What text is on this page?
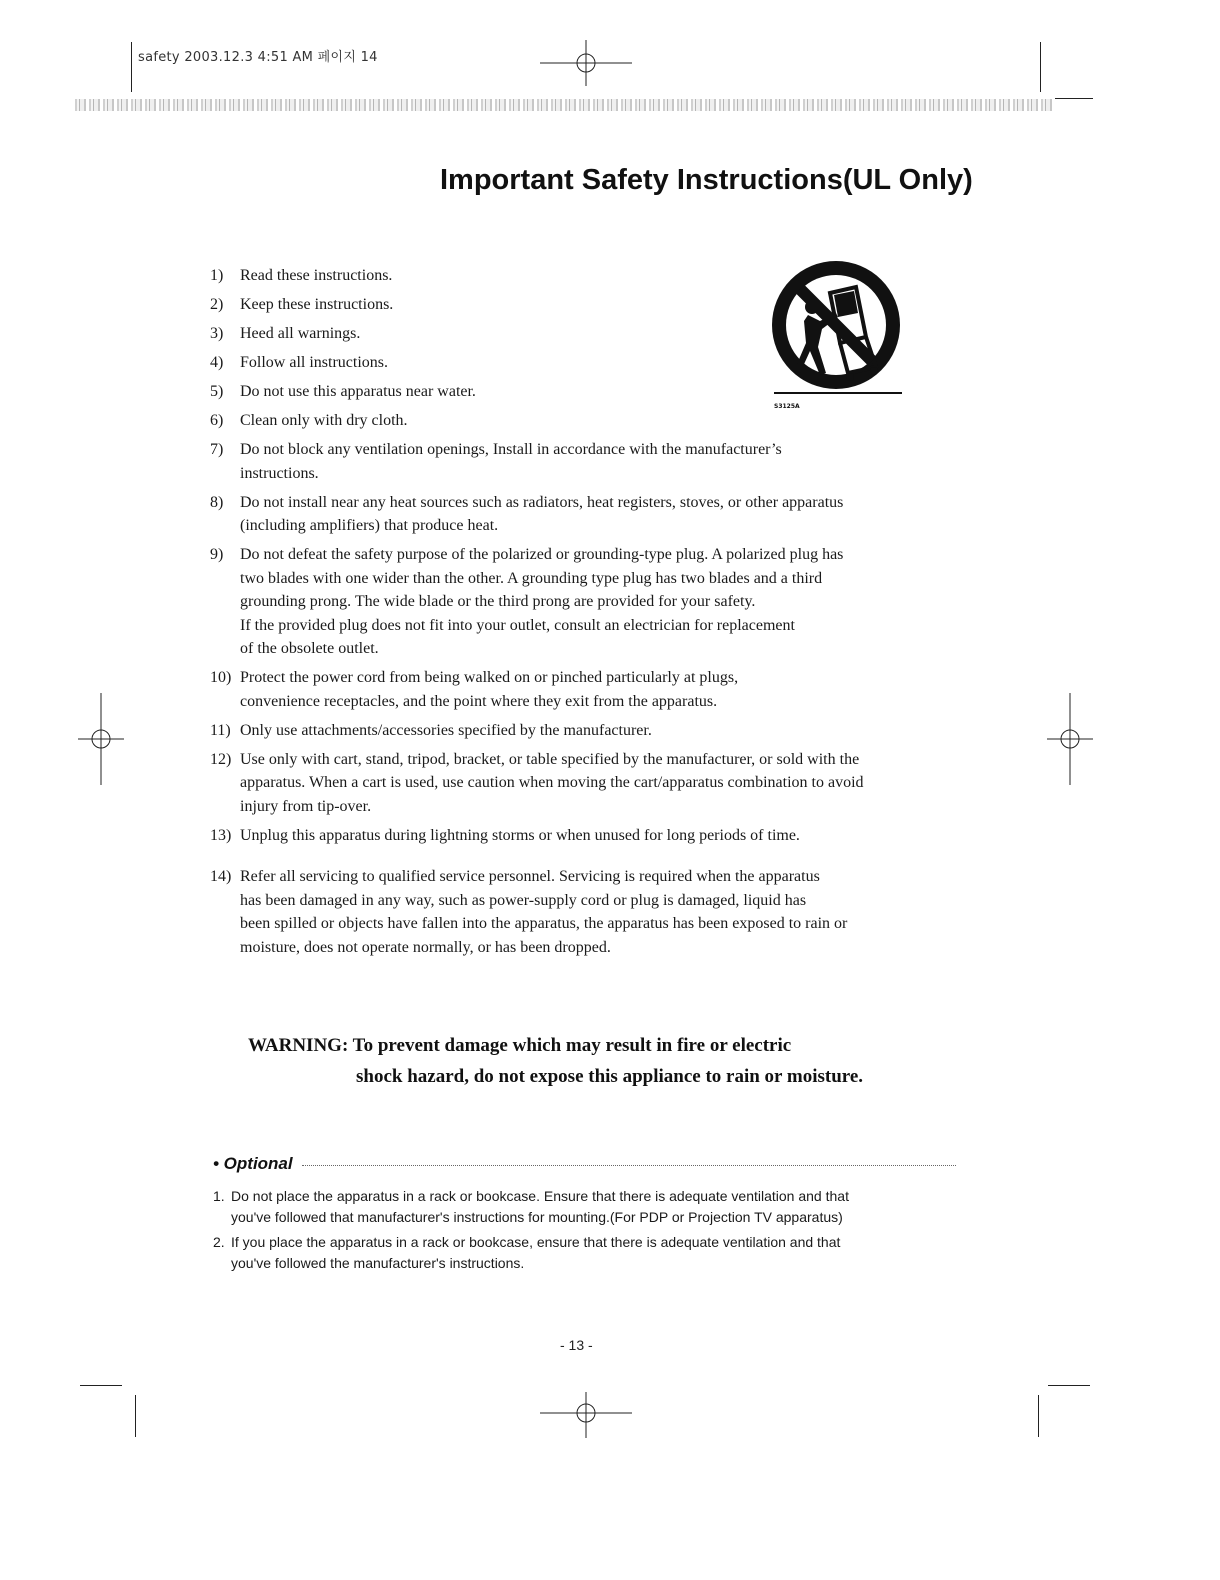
safety 2003.12.3 4:51 AM 페이지 14
Important Safety Instructions(UL Only)
S3125A
1) Read these instructions.
2) Keep these instructions.
3) Heed all warnings.
4) Follow all instructions.
5) Do not use this apparatus near water.
6) Clean only with dry cloth.
7) Do not block any ventilation openings, Install in accordance with the manufacturer’s
instructions.
8) Do not install near any heat sources such as radiators, heat registers, stoves, or other apparatus
(including amplifiers) that produce heat.
9) Do not defeat the safety purpose of the polarized or grounding-type plug. A polarized plug has
two blades with one wider than the other. A grounding type plug has two blades and a third
grounding prong. The wide blade or the third prong are provided for your safety.
If the provided plug does not fit into your outlet, consult an electrician for replacement
of the obsolete outlet.
10) Protect the power cord from being walked on or pinched particularly at plugs,
convenience receptacles, and the point where they exit from the apparatus.
11) Only use attachments/accessories specified by the manufacturer.
12) Use only with cart, stand, tripod, bracket, or table specified by the manufacturer, or sold with the
apparatus. When a cart is used, use caution when moving the cart/apparatus combination to avoid
injury from tip-over.
13) Unplug this apparatus during lightning storms or when unused for long periods of time.
14) Refer all servicing to qualified service personnel. Servicing is required when the apparatus
has been damaged in any way, such as power-supply cord or plug is damaged, liquid has
been spilled or objects have fallen into the apparatus, the apparatus has been exposed to rain or
moisture, does not operate normally, or has been dropped.
WARNING: To prevent damage which may result in fire or electric
shock hazard, do not expose this appliance to rain or moisture.
• Optional
1. Do not place the apparatus in a rack or bookcase. Ensure that there is adequate ventilation and that
you've followed that manufacturer's instructions for mounting.(For PDP or Projection TV apparatus)
2. If you place the apparatus in a rack or bookcase, ensure that there is adequate ventilation and that
you've followed the manufacturer's instructions.
- 13 -
